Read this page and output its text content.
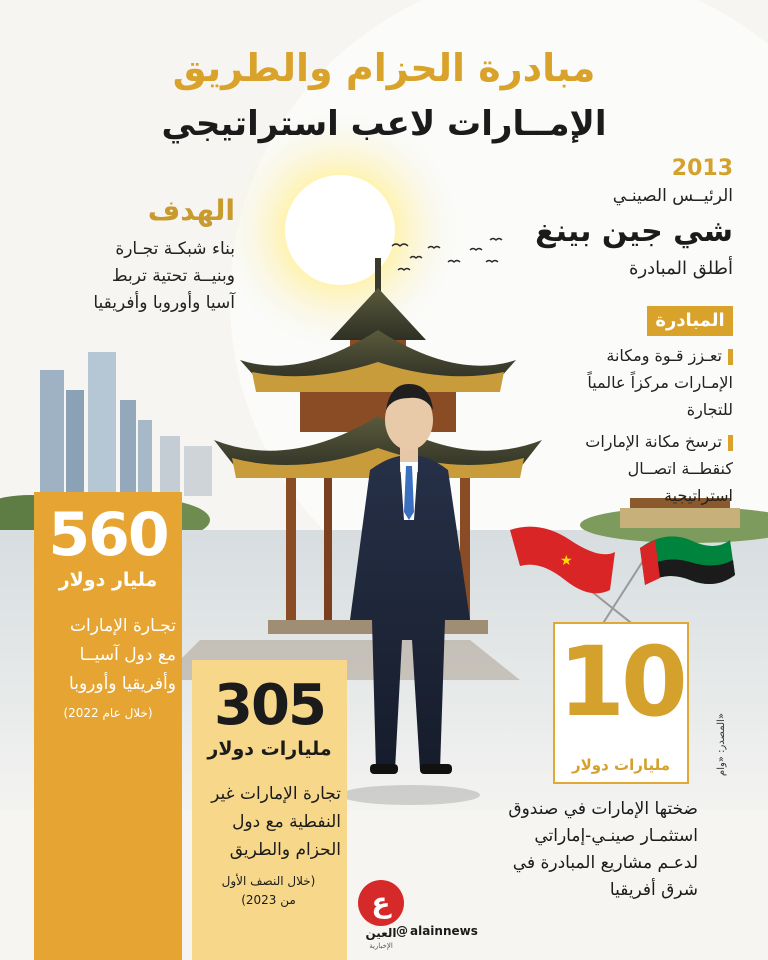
★
مبادرة الحزام والطريق
الإمــارات لاعب استراتيجي
الهدف
بناء شبكـة تجـارة
وبنيــة تحتية تربط
آسيا وأوروبا وأفريقيا
2013
الرئيــس الصينـي
شي جين بينغ
أطلق المبادرة
المبادرة
تعـزز قـوة ومكانة
الإمـارات مركزاً عالمياً
للتجارة
ترسخ مكانة الإمارات
كنقطــة اتصــال
استراتيجية
560
مليار دولار
تجـارة الإمارات
مع دول آسيــا
وأفريقيا وأوروبا
(خلال عام 2022)	305
مليارات دولار
تجارة الإمارات غير
النفطية مع دول
الحزام والطريق
(خلال النصف الأول
من 2023)
10
مليارات دولار
ضختها الإمارات في صندوق
استثمـار صينـي-إماراتي
لدعـم مشاريع المبادرة في
شرق أفريقيا
المصدر: «وام»
ع
العين
الإخبارية
@ alainnews
